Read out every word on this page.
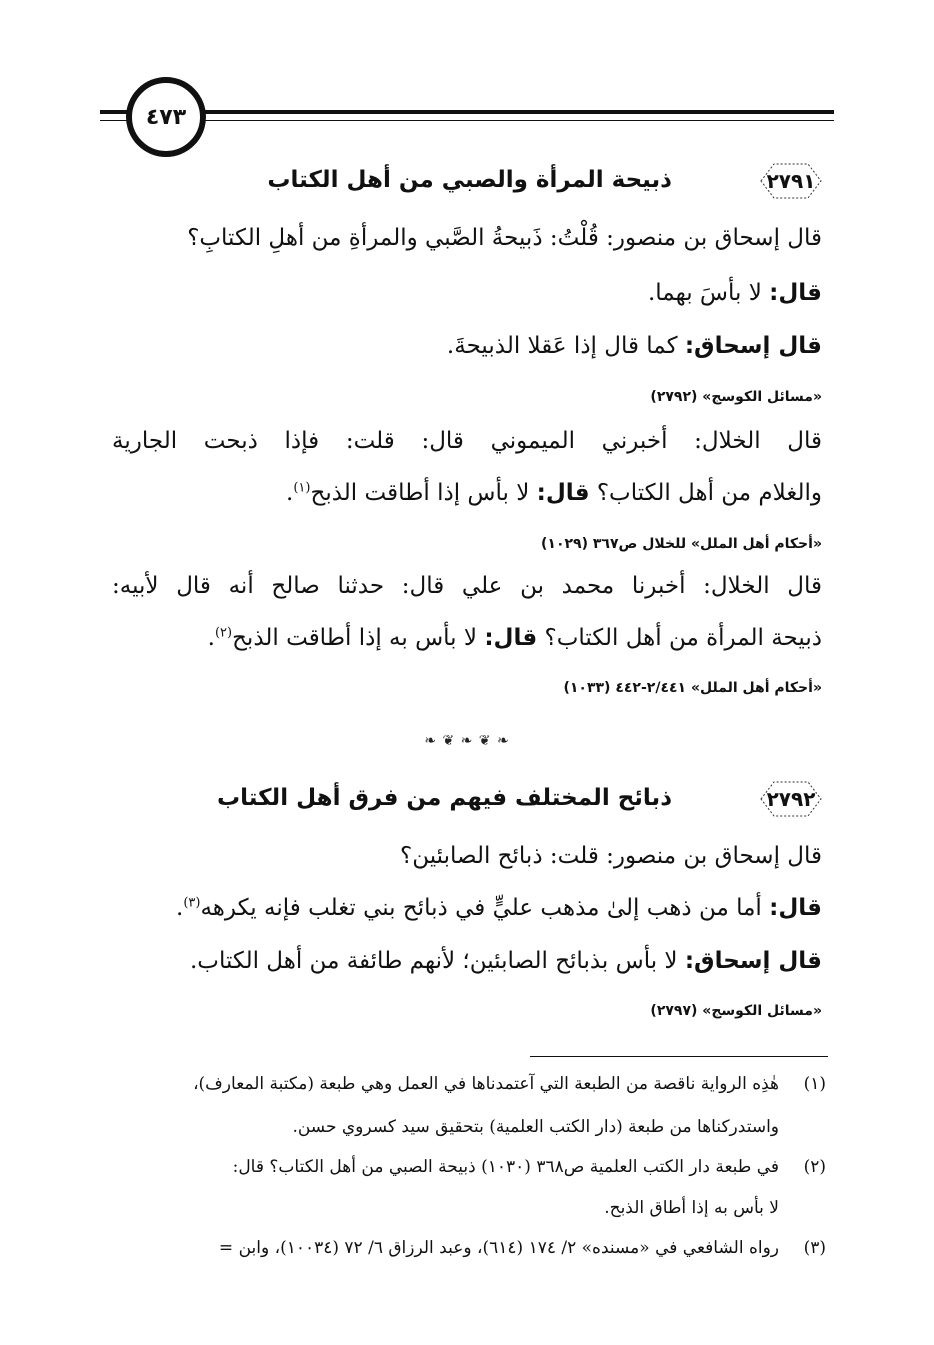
٤٧٣
٢٧٩١
ذبيحة المرأة والصبي من أهل الكتاب
قال إسحاق بن منصور: قُلْتُ: ذَبيحةُ الصَّبي والمرأةِ من أهلِ الكتابِ؟
قال: لا بأسَ بهما.
قال إسحاق: كما قال إذا عَقلا الذبيحةَ.
«مسائل الكوسج» (٢٧٩٢)
قال الخلال: أخبرني الميموني قال: قلت: فإذا ذبحت الجارية
والغلام من أهل الكتاب؟ قال: لا بأس إذا أطاقت الذبح$^{(١)}$.
«أحكام أهل الملل» للخلال ص٣٦٧ (١٠٢٩)
قال الخلال: أخبرنا محمد بن علي قال: حدثنا صالح أنه قال لأبيه:
ذبيحة المرأة من أهل الكتاب؟ قال: لا بأس به إذا أطاقت الذبح$^{(٢)}$.
«أحكام أهل الملل» ٢/٤٤١-٤٤٢ (١٠٣٣)
❧ ❦ ❧ ❦ ❧
٢٧٩٢
ذبائح المختلف فيهم من فرق أهل الكتاب
قال إسحاق بن منصور: قلت: ذبائح الصابئين؟
قال: أما من ذهب إلىٰ مذهب عليٍّ في ذبائح بني تغلب فإنه يكرهه$^{(٣)}$.
قال إسحاق: لا بأس بذبائح الصابئين؛ لأنهم طائفة من أهل الكتاب.
«مسائل الكوسج» (٢٧٩٧)
(١)
هٰذِه الرواية ناقصة من الطبعة التي آعتمدناها في العمل وهي طبعة (مكتبة المعارف)،
واستدركناها من طبعة (دار الكتب العلمية) بتحقيق سيد كسروي حسن.
(٢)
في طبعة دار الكتب العلمية ص٣٦٨ (١٠٣٠) ذبيحة الصبي من أهل الكتاب؟ قال:
لا بأس به إذا أطاق الذبح.
(٣)
رواه الشافعي في «مسنده» ٢/ ١٧٤ (٦١٤)، وعبد الرزاق ٦/ ٧٢ (١٠٠٣٤)، وابن =
